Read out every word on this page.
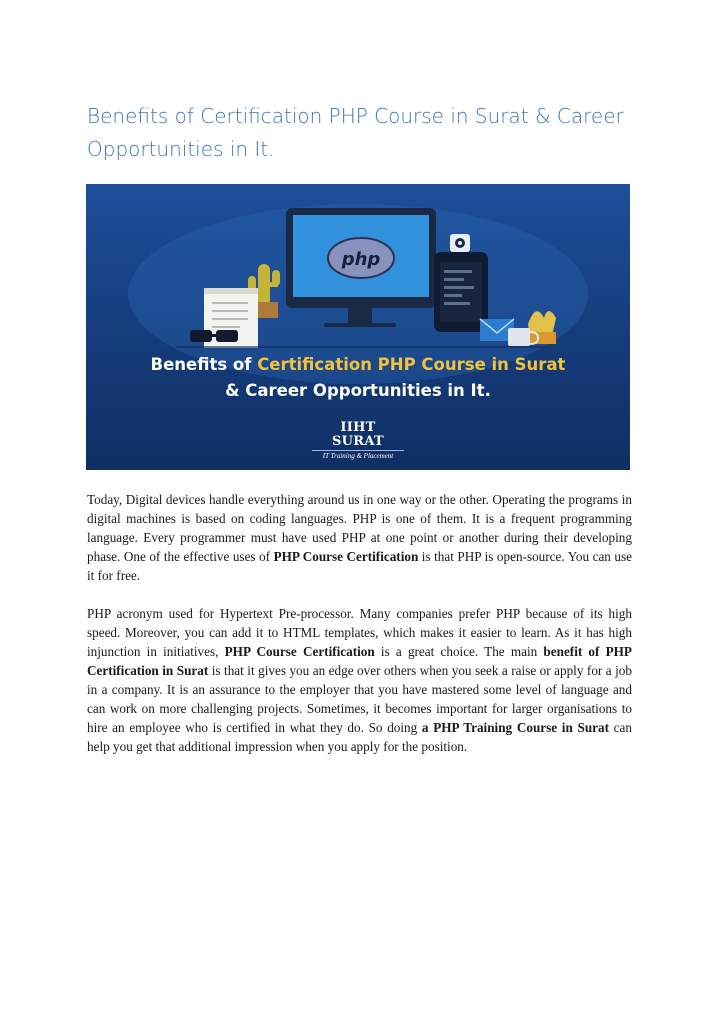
Benefits of Certification PHP Course in Surat & Career Opportunities in It.
php

Benefits of Certification PHP Course in Surat
& Career Opportunities in It.

IIHT SURAT
IT Training & Placement

Today, Digital devices handle everything around us in one way or the other. Operating the programs in digital machines is based on coding languages. PHP is one of them. It is a frequent programming language. Every programmer must have used PHP at one point or another during their developing phase. One of the effective uses of PHP Course Certification is that PHP is open-source. You can use it for free.

PHP acronym used for Hypertext Pre-processor. Many companies prefer PHP because of its high speed. Moreover, you can add it to HTML templates, which makes it easier to learn. As it has high injunction in initiatives, PHP Course Certification is a great choice. The main benefit of PHP Certification in Surat is that it gives you an edge over others when you seek a raise or apply for a job in a company. It is an assurance to the employer that you have mastered some level of language and can work on more challenging projects. Sometimes, it becomes important for larger organisations to hire an employee who is certified in what they do. So doing a PHP Training Course in Surat can help you get that additional impression when you apply for the position.
